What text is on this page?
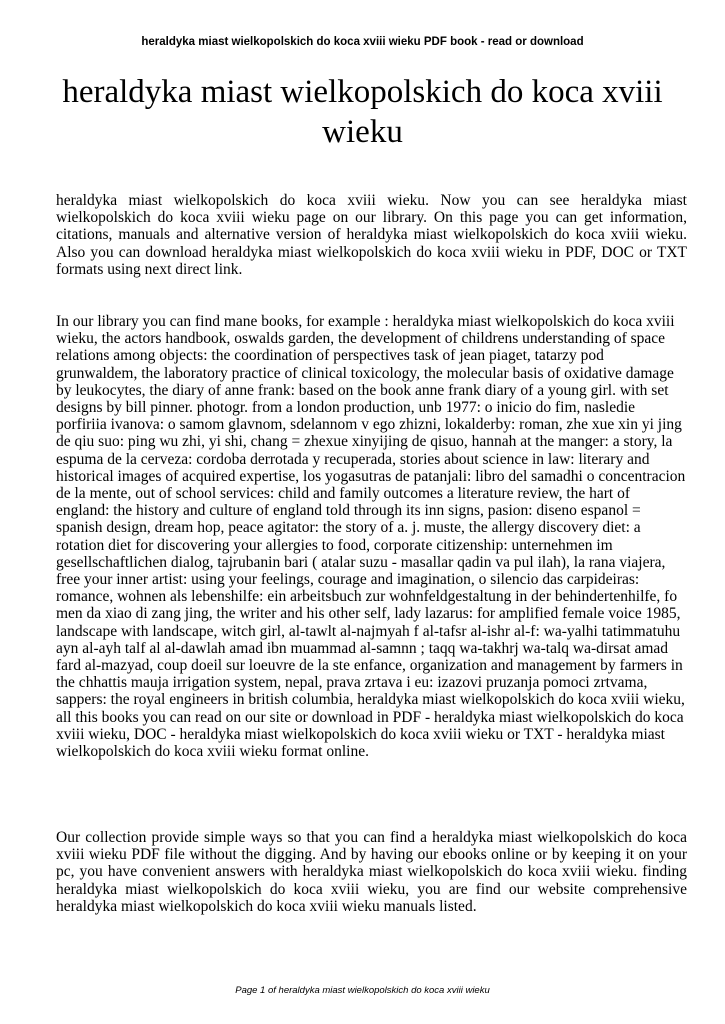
heraldyka miast wielkopolskich do koca xviii wieku PDF book - read or download
heraldyka miast wielkopolskich do koca xviii wieku

heraldyka miast wielkopolskich do koca xviii wieku. Now you can see heraldyka miast wielkopolskich do koca xviii wieku page on our library. On this page you can get information, citations, manuals and alternative version of heraldyka miast wielkopolskich do koca xviii wieku. Also you can download heraldyka miast wielkopolskich do koca xviii wieku in PDF, DOC or TXT formats using next direct link.

In our library you can find mane books, for example : heraldyka miast wielkopolskich do koca xviii wieku, the actors handbook, oswalds garden, the development of childrens understanding of space relations among objects: the coordination of perspectives task of jean piaget, tatarzy pod grunwaldem, the laboratory practice of clinical toxicology, the molecular basis of oxidative damage by leukocytes, the diary of anne frank: based on the book anne frank diary of a young girl. with set designs by bill pinner. photogr. from a london production, unb 1977: o inicio do fim, nasledie porfiriia ivanova: o samom glavnom, sdelannom v ego zhizni, lokalderby: roman, zhe xue xin yi jing de qiu suo: ping wu zhi, yi shi, chang = zhexue xinyijing de qisuo, hannah at the manger: a story, la espuma de la cerveza: cordoba derrotada y recuperada, stories about science in law: literary and historical images of acquired expertise, los yogasutras de patanjali: libro del samadhi o concentracion de la mente, out of school services: child and family outcomes a literature review, the hart of england: the history and culture of england told through its inn signs, pasion: diseno espanol = spanish design, dream hop, peace agitator: the story of a. j. muste, the allergy discovery diet: a rotation diet for discovering your allergies to food, corporate citizenship: unternehmen im gesellschaftlichen dialog, tajrubanin bari ( atalar suzu - masallar qadin va pul ilah), la rana viajera, free your inner artist: using your feelings, courage and imagination, o silencio das carpideiras: romance, wohnen als lebenshilfe: ein arbeitsbuch zur wohnfeldgestaltung in der behindertenhilfe, fo men da xiao di zang jing, the writer and his other self, lady lazarus: for amplified female voice 1985, landscape with landscape, witch girl, al-tawlt al-najmyah f al-tafsr al-ishr al-f: wa-yalhi tatimmatuhu ayn al-ayh talf al al-dawlah amad ibn muammad al-samnn ; taqq wa-takhrj wa-talq wa-dirsat amad fard al-mazyad, coup doeil sur loeuvre de la ste enfance, organization and management by farmers in the chhattis mauja irrigation system, nepal, prava zrtava i eu: izazovi pruzanja pomoci zrtvama, sappers: the royal engineers in british columbia, heraldyka miast wielkopolskich do koca xviii wieku, all this books you can read on our site or download in PDF - heraldyka miast wielkopolskich do koca xviii wieku, DOC - heraldyka miast wielkopolskich do koca xviii wieku or TXT - heraldyka miast wielkopolskich do koca xviii wieku format online.

Our collection provide simple ways so that you can find a heraldyka miast wielkopolskich do koca xviii wieku PDF file without the digging. And by having our ebooks online or by keeping it on your pc, you have convenient answers with heraldyka miast wielkopolskich do koca xviii wieku. finding heraldyka miast wielkopolskich do koca xviii wieku, you are find our website comprehensive heraldyka miast wielkopolskich do koca xviii wieku manuals listed.

Page 1 of heraldyka miast wielkopolskich do koca xviii wieku
